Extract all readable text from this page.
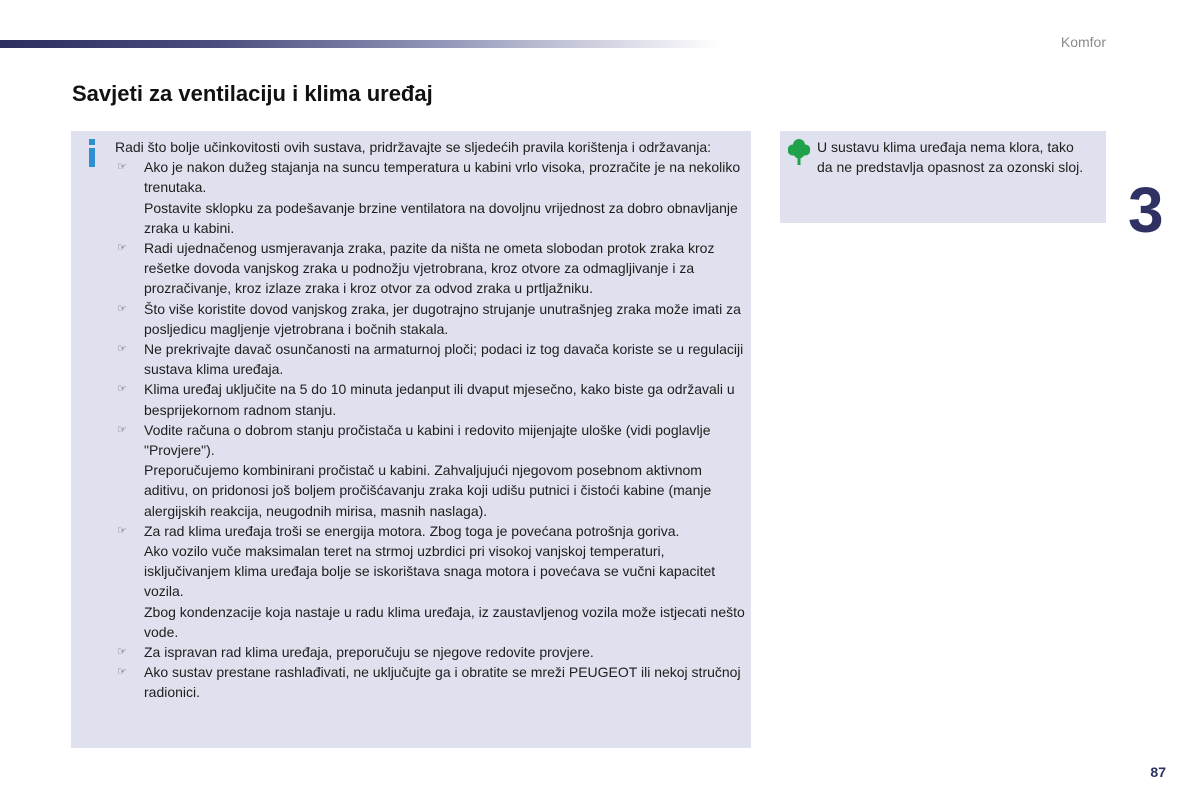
Komfor
Savjeti za ventilaciju i klima uređaj

Radi što bolje učinkovitosti ovih sustava, pridržavajte se sljedećih pravila korištenja i održavanja:

☞ Ako je nakon dužeg stajanja na suncu temperatura u kabini vrlo visoka, prozračite je na nekoliko trenutaka.

Postavite sklopku za podešavanje brzine ventilatora na dovoljnu vrijednost za dobro obnavljanje zraka u kabini.

☞ Radi ujednačenog usmjeravanja zraka, pazite da ništa ne ometa slobodan protok zraka kroz rešetke dovoda vanjskog zraka u podnožju vjetrobrana, kroz otvore za odmagljivanje i za prozračivanje, kroz izlaze zraka i kroz otvor za odvod zraka u prtljažniku.

☞ Što više koristite dovod vanjskog zraka, jer dugotrajno strujanje unutrašnjeg zraka može imati za posljedicu magljenje vjetrobrana i bočnih stakala.

☞ Ne prekrivajte davač osunčanosti na armaturnoj ploči; podaci iz tog davača koriste se u regulaciji sustava klima uređaja.

☞ Klima uređaj uključite na 5 do 10 minuta jedanput ili dvaput mjesečno, kako biste ga održavali u besprijekornom radnom stanju.

☞ Vodite računa o dobrom stanju pročistača u kabini i redovito mijenjajte uloške (vidi poglavlje "Provjere").

Preporučujemo kombinirani pročistač u kabini. Zahvaljujući njegovom posebnom aktivnom aditivu, on pridonosi još boljem pročišćavanju zraka koji udišu putnici i čistoći kabine (manje alergijskih reakcija, neugodnih mirisa, masnih naslaga).

☞ Za rad klima uređaja troši se energija motora. Zbog toga je povećana potrošnja goriva.

Ako vozilo vuče maksimalan teret na strmoj uzbrdici pri visokoj vanjskoj temperaturi, isključivanjem klima uređaja bolje se iskorištava snaga motora i povećava se vučni kapacitet vozila.

Zbog kondenzacije koja nastaje u radu klima uređaja, iz zaustavljenog vozila može istjecati nešto vode.

☞ Za ispravan rad klima uređaja, preporučuju se njegove redovite provjere.

☞ Ako sustav prestane rashlađivati, ne uključujte ga i obratite se mreži PEUGEOT ili nekoj stručnoj radionici.

U sustavu klima uređaja nema klora, tako da ne predstavlja opasnost za ozonski sloj.

3
87
